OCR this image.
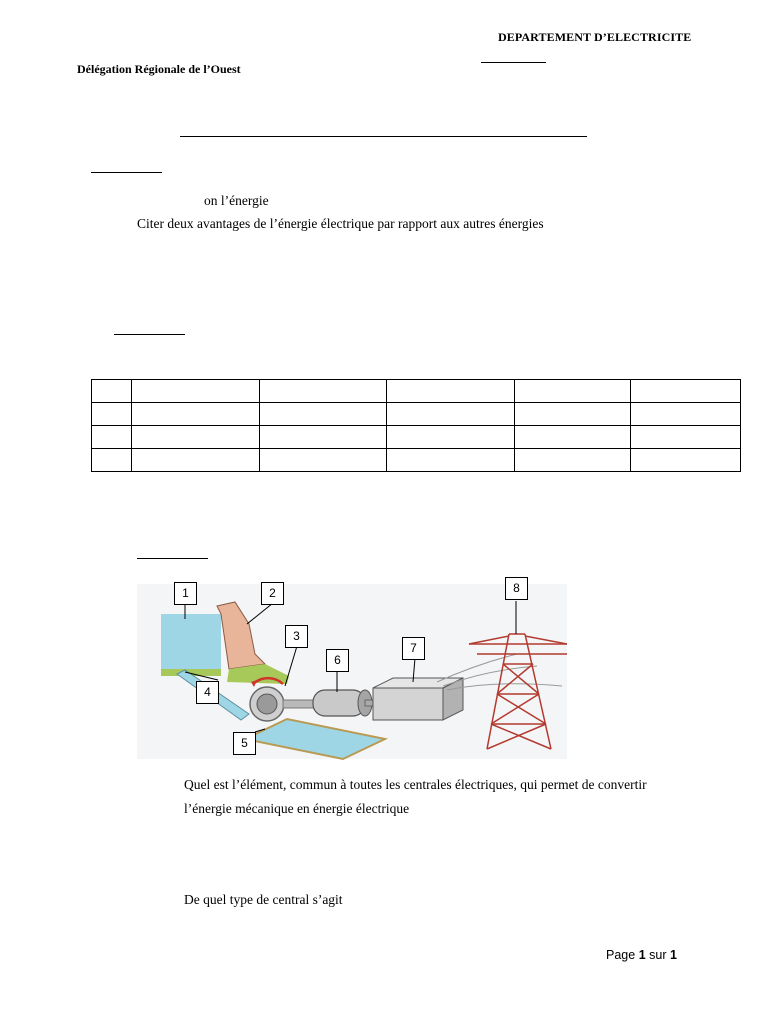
DEPARTEMENT D’ELECTRICITE
Délégation Régionale de l’Ouest
on l’énergie
Citer deux avantages de l’énergie électrique par rapport aux autres énergies

1	2
3
4
5
6
7
8
Quel est l’élément, commun à toutes les centrales électriques, qui permet de convertir
l’énergie mécanique en énergie électrique
De quel type de central s’agit
Page 1 sur 1
